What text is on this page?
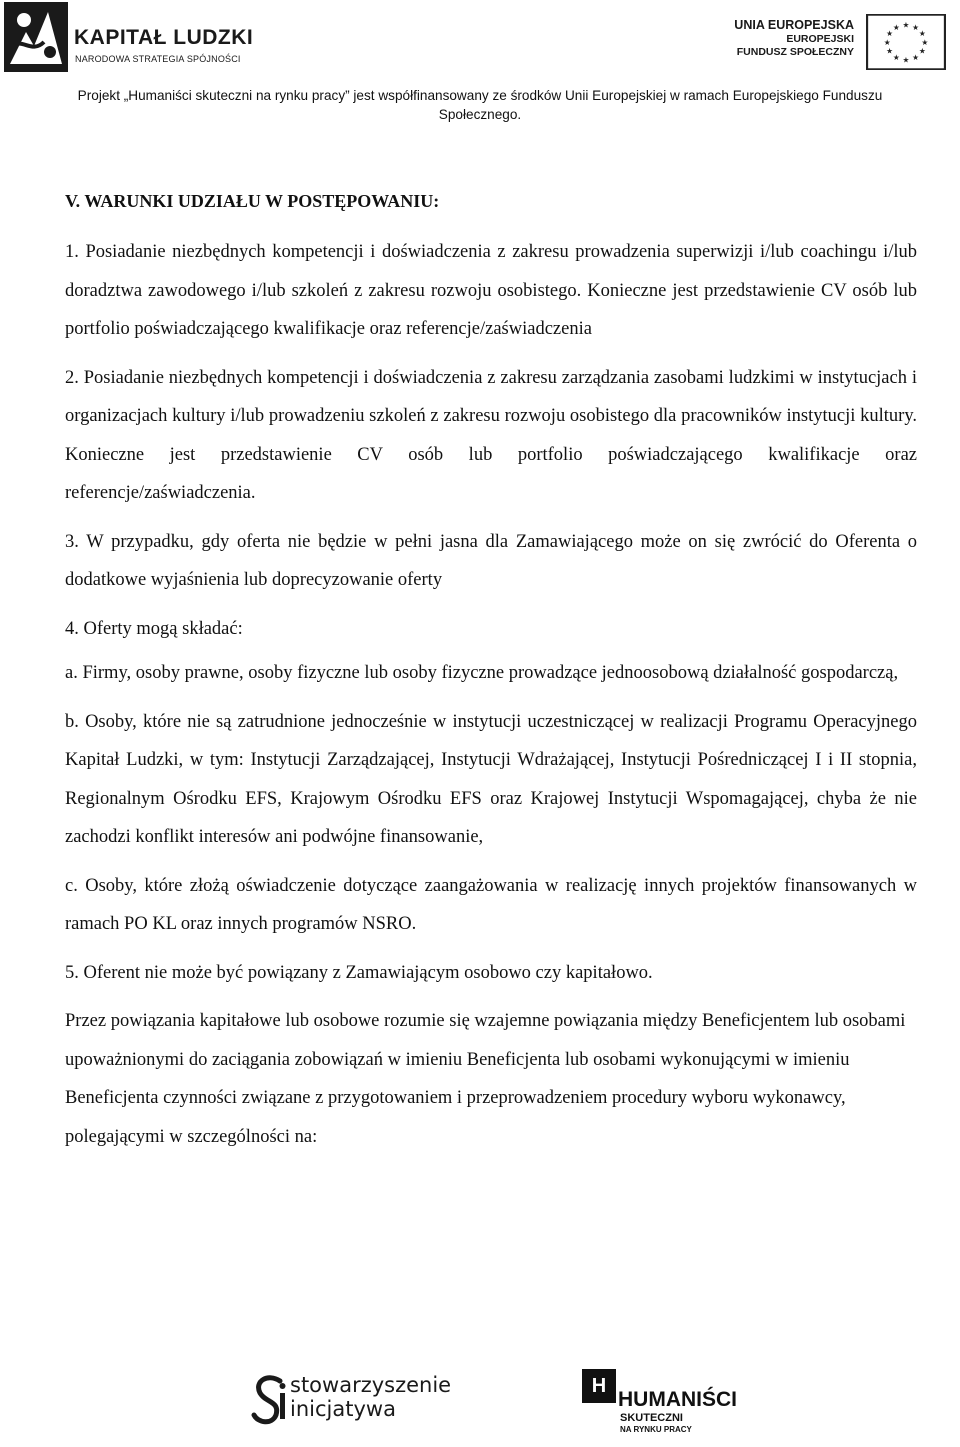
KAPITAŁ LUDZKI
NARODOWA STRATEGIA SPÓJNOŚCI
UNIA EUROPEJSKA
EUROPEJSKI
FUNDUSZ SPOŁECZNY
★ ★
★
★
★
★
★
★
★
★
★
★
Projekt „Humaniści skuteczni na rynku pracy” jest współfinansowany ze środków Unii Europejskiej w ramach Europejskiego Funduszu
Społecznego.
V. WARUNKI UDZIAŁU W POSTĘPOWANIU:

1. Posiadanie niezbędnych kompetencji i doświadczenia z zakresu prowadzenia superwizji i/lub coachingu i/lub doradztwa zawodowego i/lub szkoleń z zakresu rozwoju osobistego. Konieczne jest przedstawienie CV osób lub portfolio poświadczającego kwalifikacje oraz referencje/zaświadczenia

2. Posiadanie niezbędnych kompetencji i doświadczenia z zakresu zarządzania zasobami ludzkimi w instytucjach i organizacjach kultury i/lub prowadzeniu szkoleń z zakresu rozwoju osobistego dla pracowników instytucji kultury. Konieczne jest przedstawienie CV osób lub portfolio poświadczającego kwalifikacje oraz referencje/zaświadczenia.

3. W przypadku, gdy oferta nie będzie w pełni jasna dla Zamawiającego może on się zwrócić do Oferenta o dodatkowe wyjaśnienia lub doprecyzowanie oferty

4. Oferty mogą składać:

a. Firmy, osoby prawne, osoby fizyczne lub osoby fizyczne prowadzące jednoosobową działalność gospodarczą,

b. Osoby, które nie są zatrudnione jednocześnie w instytucji uczestniczącej w realizacji Programu Operacyjnego Kapitał Ludzki, w tym: Instytucji Zarządzającej, Instytucji Wdrażającej, Instytucji Pośredniczącej I i II stopnia, Regionalnym Ośrodku EFS, Krajowym Ośrodku EFS oraz Krajowej Instytucji Wspomagającej, chyba że nie zachodzi konflikt interesów ani podwójne finansowanie,

c. Osoby, które złożą oświadczenie dotyczące zaangażowania w realizację innych projektów finansowanych w ramach PO KL oraz innych programów NSRO.

5. Oferent nie może być powiązany z Zamawiającym osobowo czy kapitałowo.

Przez powiązania kapitałowe lub osobowe rozumie się wzajemne powiązania między Beneficjentem lub osobami upoważnionymi do zaciągania zobowiązań w imieniu Beneficjenta lub osobami wykonującymi w imieniu Beneficjenta czynności związane z przygotowaniem i przeprowadzeniem procedury wyboru wykonawcy, polegającymi w szczególności na:

stowarzyszenie
inicjatywa
H
HUMANIŚCI
SKUTECZNI
NA RYNKU PRACY
